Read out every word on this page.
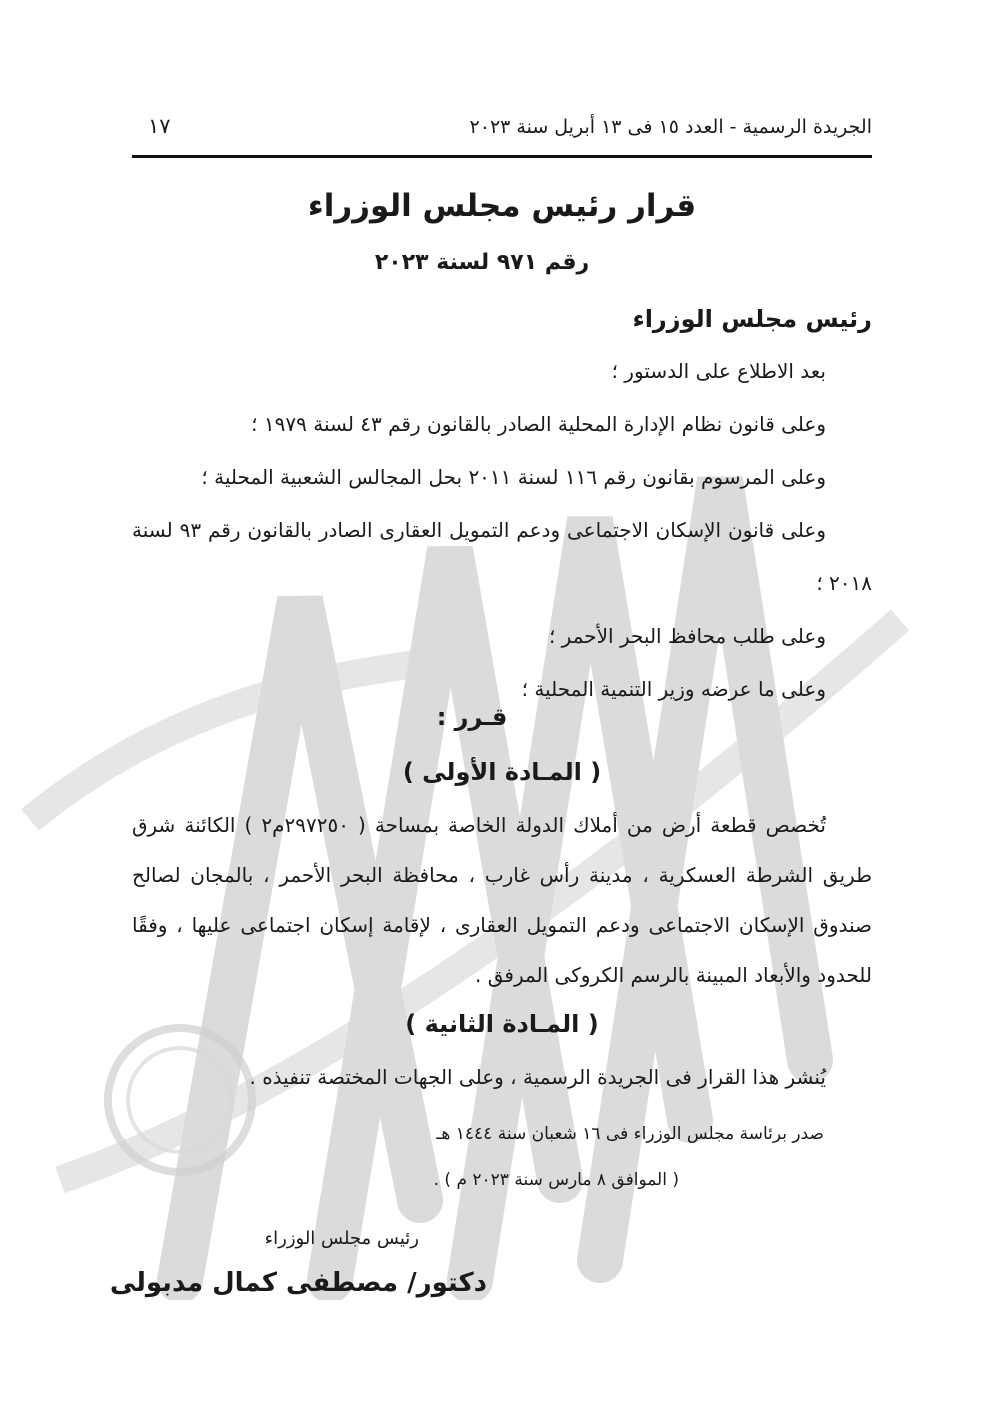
الجريدة الرسمية - العدد ١٥ فى ١٣ أبريل سنة ٢٠٢٣
١٧
قرار رئيس مجلس الوزراء
رقم ٩٧١ لسنة ٢٠٢٣
رئيس مجلس الوزراء

بعد الاطلاع على الدستور ؛

وعلى قانون نظام الإدارة المحلية الصادر بالقانون رقم ٤٣ لسنة ١٩٧٩ ؛

وعلى المرسوم بقانون رقم ١١٦ لسنة ٢٠١١ بحل المجالس الشعبية المحلية ؛

وعلى قانون الإسكان الاجتماعى ودعم التمويل العقارى الصادر بالقانون رقم ٩٣ لسنة ٢٠١٨ ؛

وعلى طلب محافظ البحر الأحمر ؛

وعلى ما عرضه وزير التنمية المحلية ؛

قـرر :
( المـادة الأولى )

تُخصص قطعة أرض من أملاك الدولة الخاصة بمساحة ( ٢٩٧٢٥٠م٢ ) الكائنة شرق طريق الشرطة العسكرية ، مدينة رأس غارب ، محافظة البحر الأحمر ، بالمجان لصالح صندوق الإسكان الاجتماعى ودعم التمويل العقارى ، لإقامة إسكان اجتماعى عليها ، وفقًا للحدود والأبعاد المبينة بالرسم الكروكى المرفق .

( المـادة الثانية )

يُنشر هذا القرار فى الجريدة الرسمية ، وعلى الجهات المختصة تنفيذه .

صدر برئاسة مجلس الوزراء فى ١٦ شعبان سنة ١٤٤٤ هـ
( الموافق ٨ مارس سنة ٢٠٢٣ م ) .
رئيس مجلس الوزراء
دكتور/ مصطفى كمال مدبولى
